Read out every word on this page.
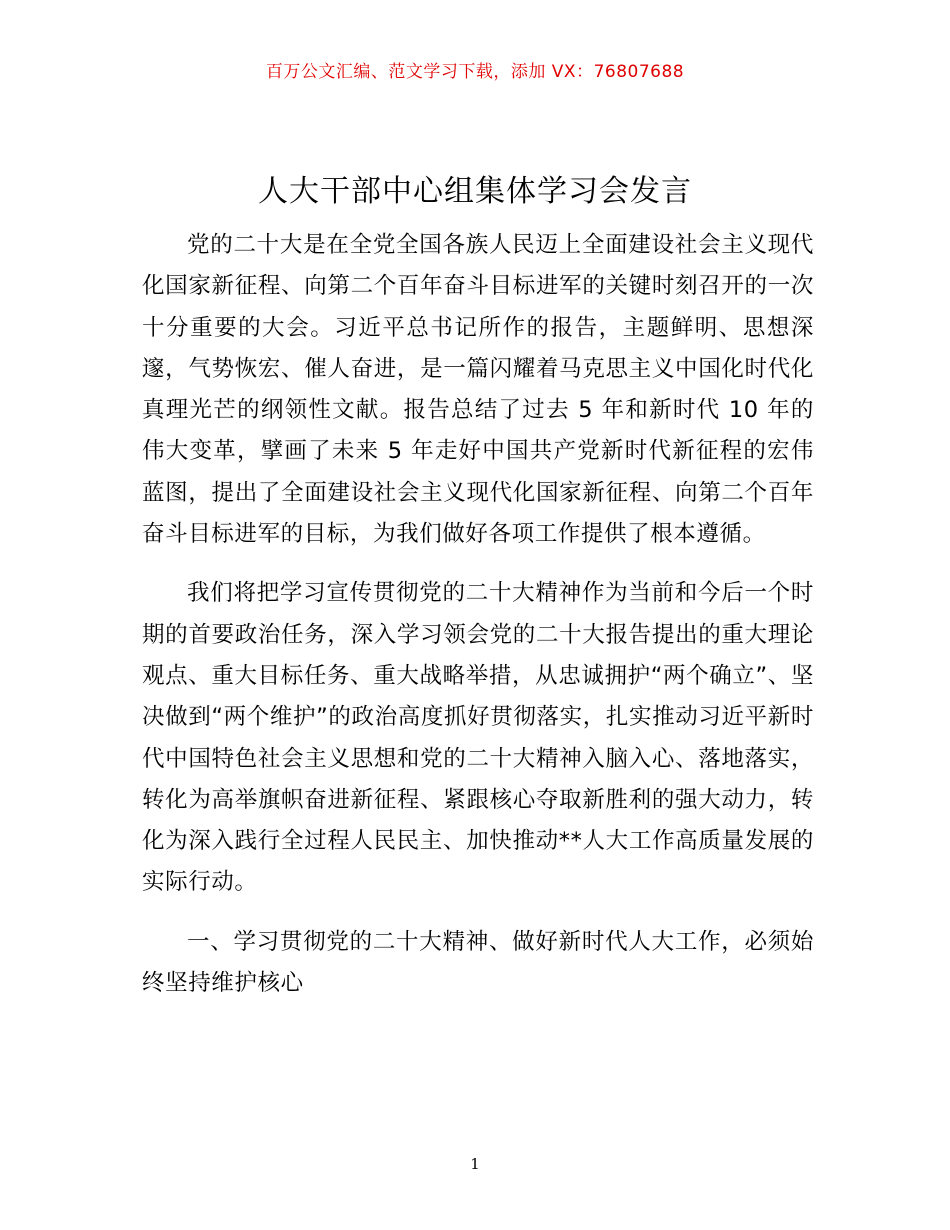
百万公文汇编、范文学习下载，添加 VX：76807688
人大干部中心组集体学习会发言

党的二十大是在全党全国各族人民迈上全面建设社会主义现代化国家新征程、向第二个百年奋斗目标进军的关键时刻召开的一次十分重要的大会。习近平总书记所作的报告，主题鲜明、思想深邃，气势恢宏、催人奋进，是一篇闪耀着马克思主义中国化时代化真理光芒的纲领性文献。报告总结了过去 5 年和新时代 10 年的伟大变革，擘画了未来 5 年走好中国共产党新时代新征程的宏伟蓝图，提出了全面建设社会主义现代化国家新征程、向第二个百年奋斗目标进军的目标，为我们做好各项工作提供了根本遵循。

我们将把学习宣传贯彻党的二十大精神作为当前和今后一个时期的首要政治任务，深入学习领会党的二十大报告提出的重大理论观点、重大目标任务、重大战略举措，从忠诚拥护“两个确立”、坚决做到“两个维护”的政治高度抓好贯彻落实，扎实推动习近平新时代中国特色社会主义思想和党的二十大精神入脑入心、落地落实，转化为高举旗帜奋进新征程、紧跟核心夺取新胜利的强大动力，转化为深入践行全过程人民民主、加快推动**人大工作高质量发展的实际行动。

一、学习贯彻党的二十大精神、做好新时代人大工作，必须始终坚持维护核心

1
